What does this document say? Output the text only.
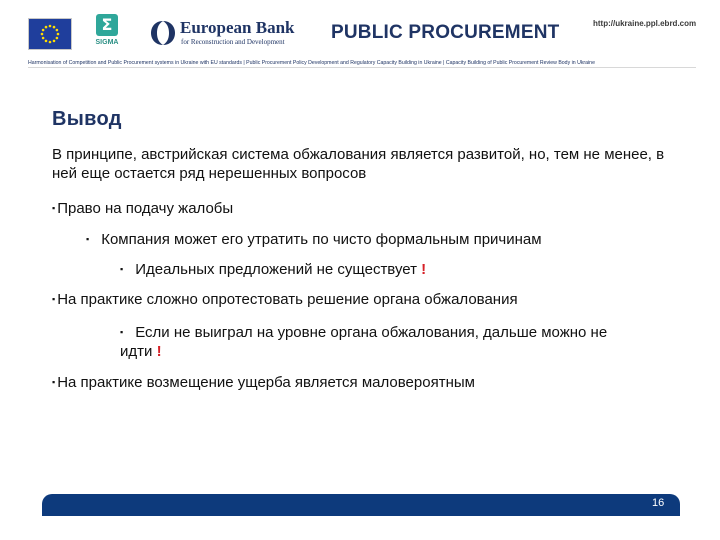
Σ
SIGMA
European Bank
for Reconstruction and Development PUBLIC PROCUREMENT	http://ukraine.ppl.ebrd.com
Harmonisation of Competition and Public Procurement systems in Ukraine with EU standards | Public Procurement Policy Development and Regulatory Capacity Building in Ukraine | Capacity Building of Public Procurement Review Body in Ukraine
Вывод
В принципе, австрийская система обжалования является развитой, но, тем не менее, в ней еще остается ряд нерешенных вопросов
▪ Право на подачу жалобы
▪ Компания может его утратить по чисто формальным причинам
▪ Идеальных предложений не существует !
▪ На практике сложно опротестовать решение органа обжалования
▪ Если не выиграл на уровне органа обжалования, дальше можно не идти !
▪ На практике возмещение ущерба является маловероятным
16
